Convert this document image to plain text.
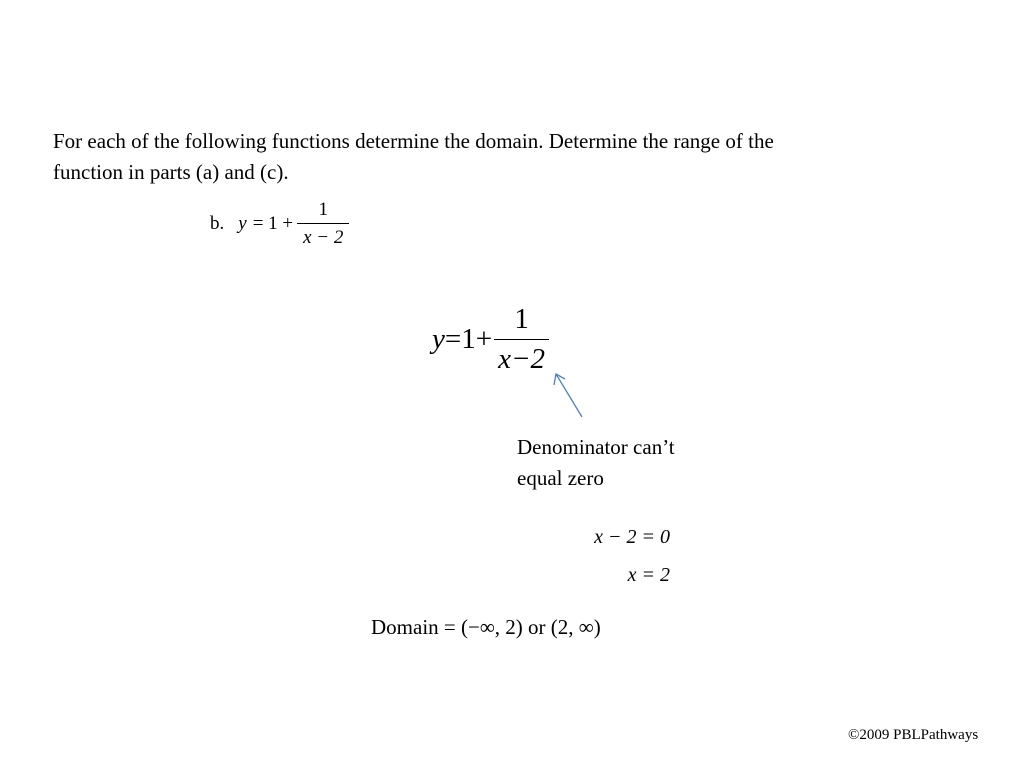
For each of the following functions determine the domain. Determine the range of the
function in parts (a) and (c).
b. $y = 1 + \frac{1}{x - 2}$
$y =1+ \frac{1}{x-2}$
Denominator can’t
equal zero
x − 2 = 0
x = 2
Domain = (−∞, 2) or (2, ∞)
©2009 PBLPathways
